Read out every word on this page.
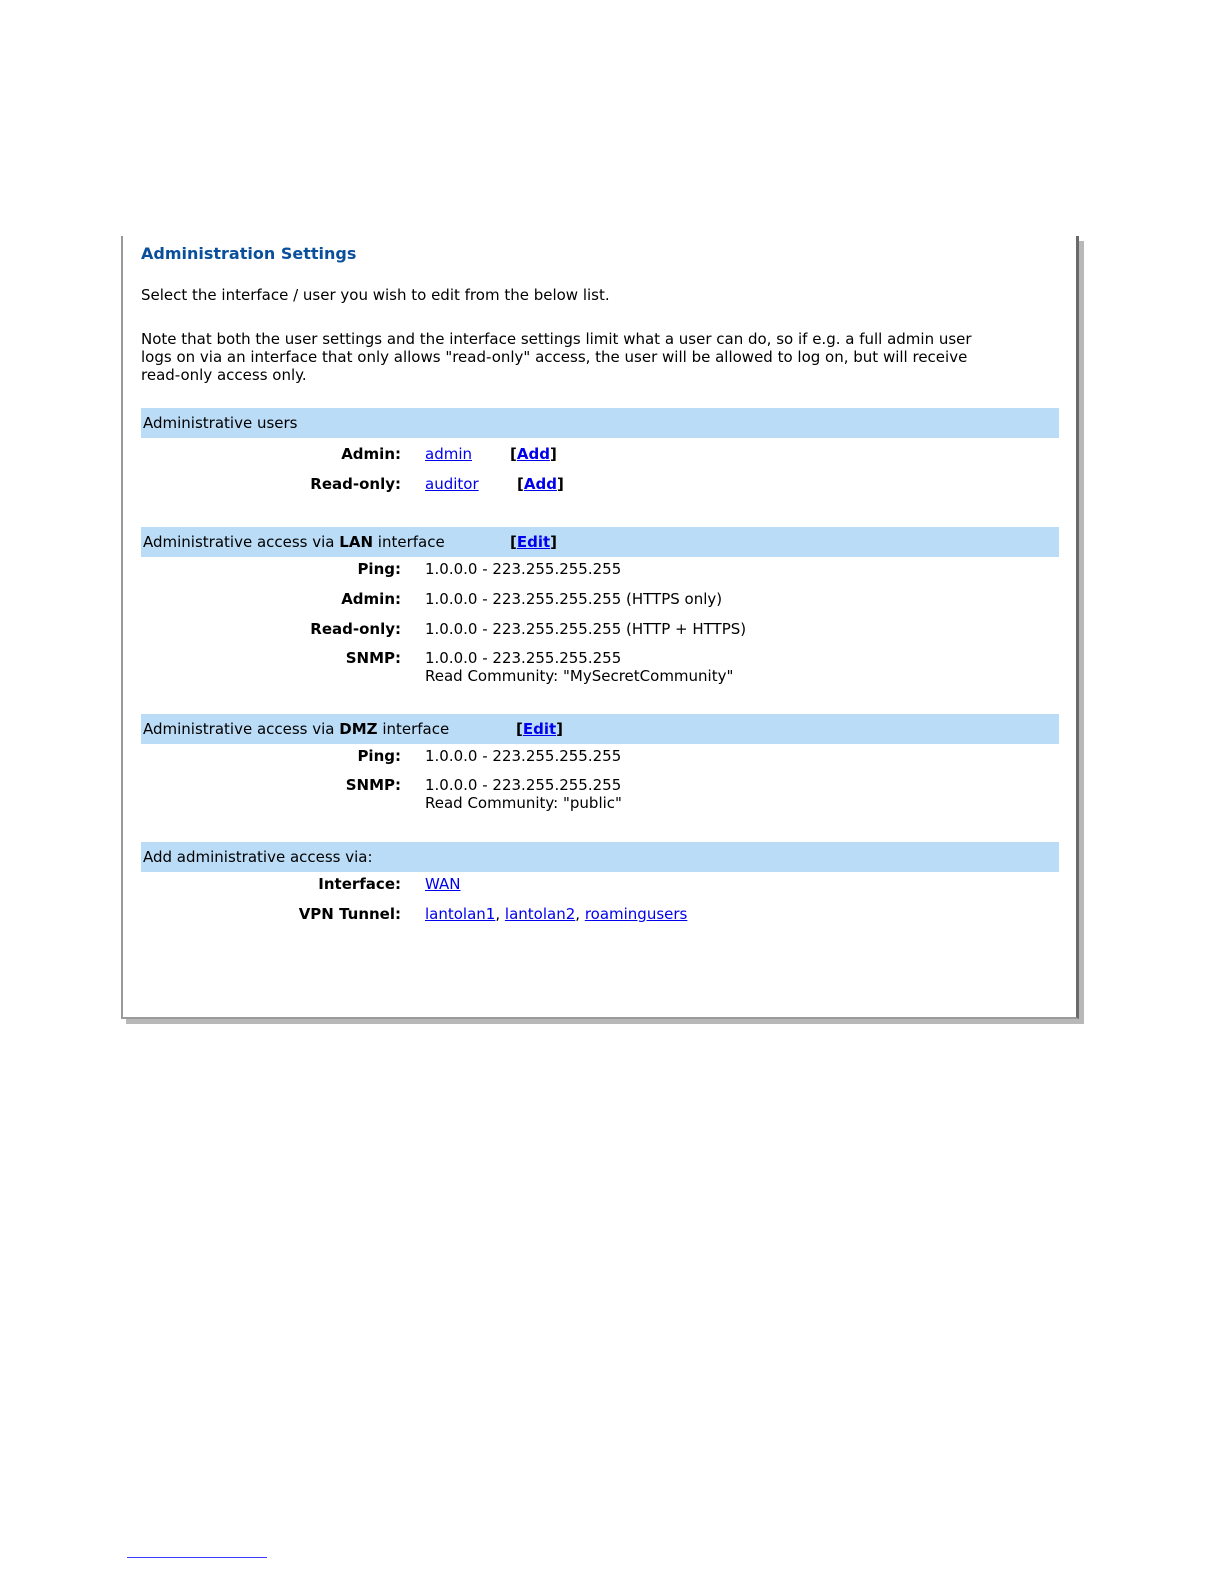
Administration Settings
Select the interface / user you wish to edit from the below list.
Note that both the user settings and the interface settings limit what a user can do, so if e.g. a full admin user
logs on via an interface that only allows "read-only" access, the user will be allowed to log on, but will receive
read-only access only.
Administrative users
Admin: admin	[Add]
Read-only: auditor	[Add]
Administrative access via LAN interface	[Edit]
Ping: 1.0.0.0 - 223.255.255.255
Admin: 1.0.0.0 - 223.255.255.255 (HTTPS only)
Read-only: 1.0.0.0 - 223.255.255.255 (HTTP + HTTPS)
SNMP: 1.0.0.0 - 223.255.255.255
Read Community: "MySecretCommunity"
Administrative access via DMZ interface	[Edit]
Ping: 1.0.0.0 - 223.255.255.255
SNMP: 1.0.0.0 - 223.255.255.255
Read Community: "public"
Add administrative access via:
Interface: WAN
VPN Tunnel: lantolan1, lantolan2, roamingusers
